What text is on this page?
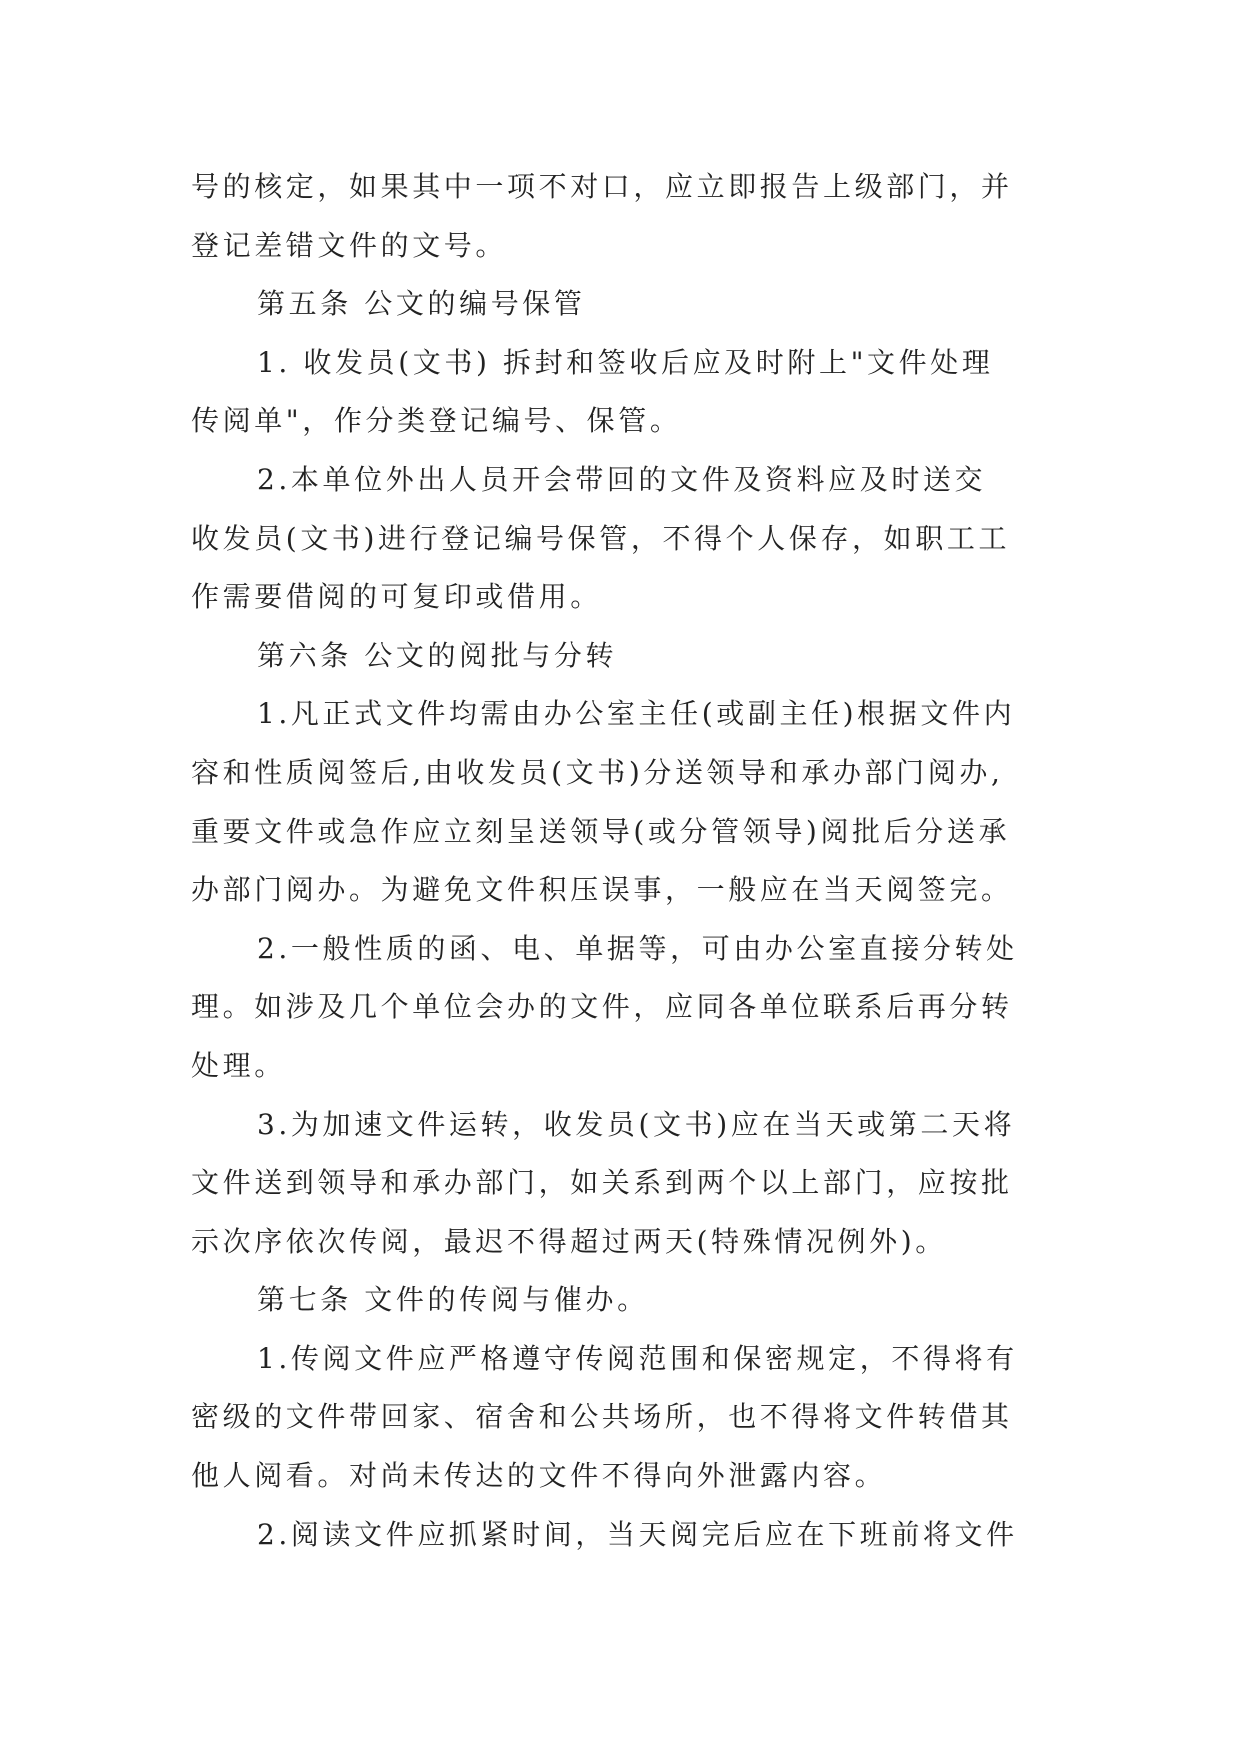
号的核定，如果其中一项不对口，应立即报告上级部门，并
登记差错文件的文号。
第五条 公文的编号保管
1. 收发员(文书) 拆封和签收后应及时附上"文件处理
传阅单"，作分类登记编号、保管。
2.本单位外出人员开会带回的文件及资料应及时送交
收发员(文书)进行登记编号保管，不得个人保存，如职工工
作需要借阅的可复印或借用。
第六条 公文的阅批与分转
1.凡正式文件均需由办公室主任(或副主任)根据文件内
容和性质阅签后,由收发员(文书)分送领导和承办部门阅办,
重要文件或急作应立刻呈送领导(或分管领导)阅批后分送承
办部门阅办。为避免文件积压误事，一般应在当天阅签完。
2.一般性质的函、电、单据等，可由办公室直接分转处
理。如涉及几个单位会办的文件，应同各单位联系后再分转
处理。
3.为加速文件运转，收发员(文书)应在当天或第二天将
文件送到领导和承办部门，如关系到两个以上部门，应按批
示次序依次传阅，最迟不得超过两天(特殊情况例外)。
第七条 文件的传阅与催办。
1.传阅文件应严格遵守传阅范围和保密规定，不得将有
密级的文件带回家、宿舍和公共场所，也不得将文件转借其
他人阅看。对尚未传达的文件不得向外泄露内容。
2.阅读文件应抓紧时间，当天阅完后应在下班前将文件
